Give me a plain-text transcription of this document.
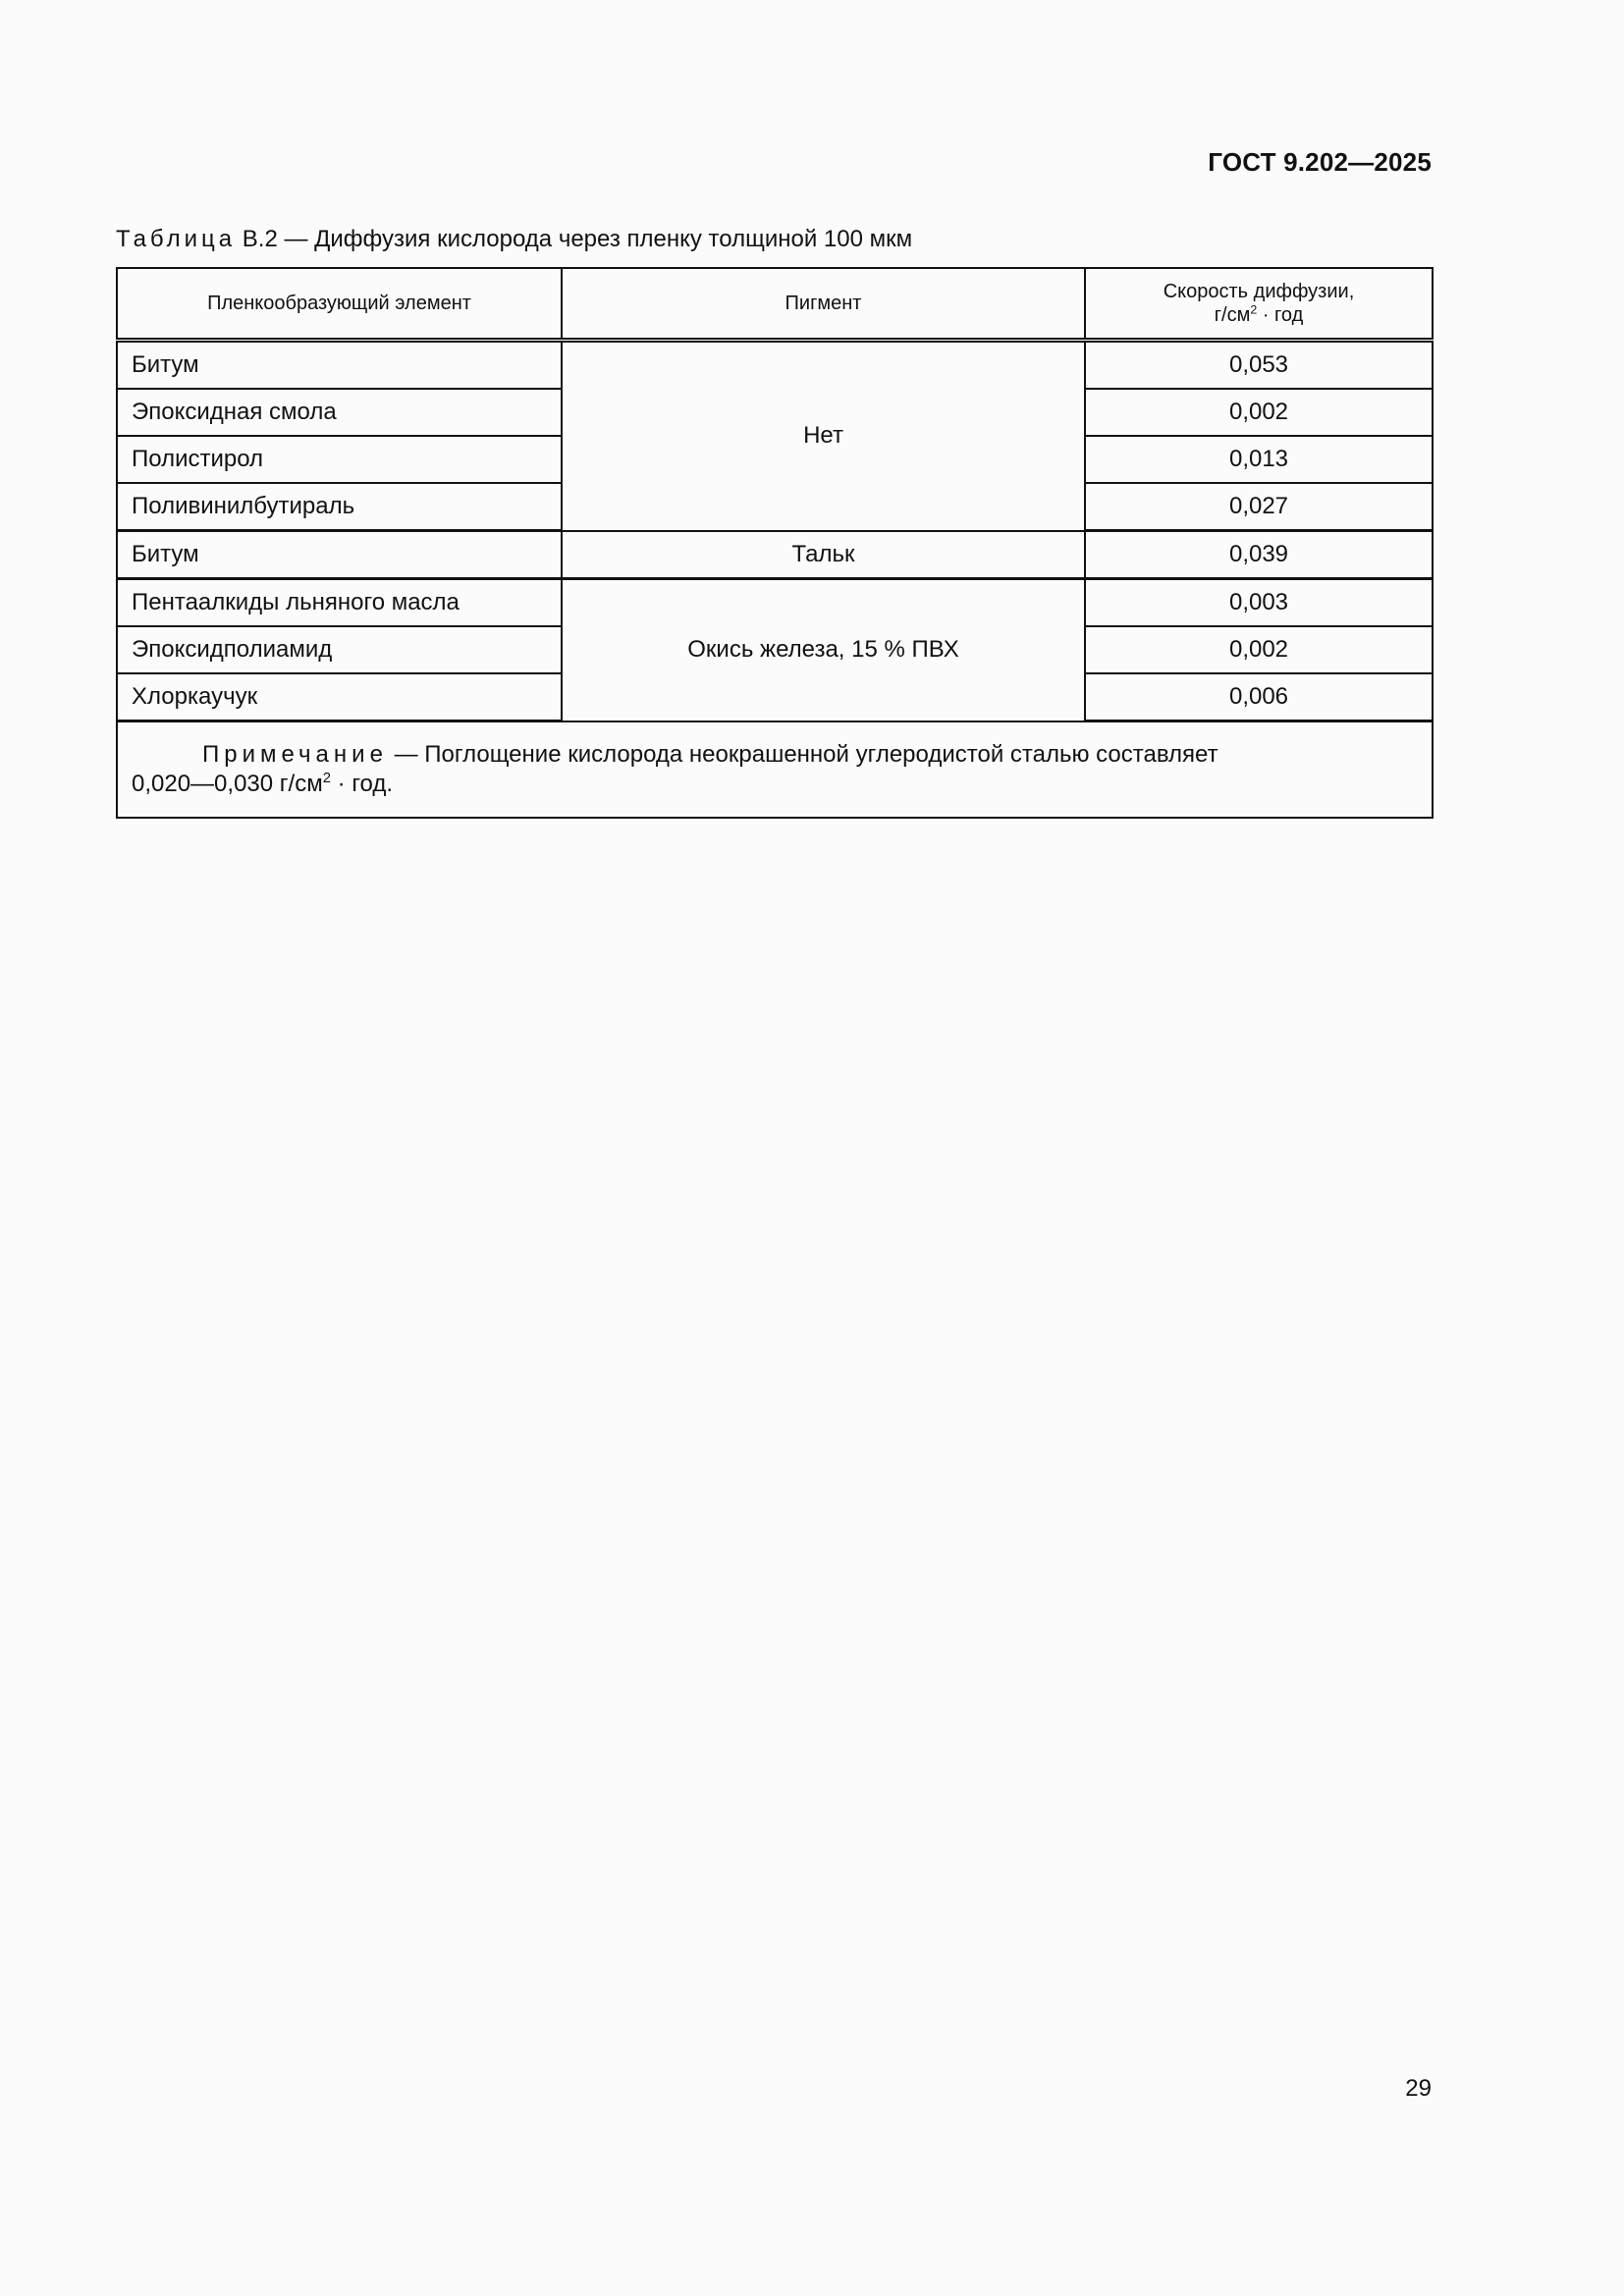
ГОСТ 9.202—2025
Таблица В.2 — Диффузия кислорода через пленку толщиной 100 мкм
Пленкообразующий элемент	Пигмент	Скорость диффузии,
$г/см^2$ · год
Битум	Нет	0,053
Эпоксидная смола		0,002
Полистирол		0,013
Поливинилбутираль		0,027
Битум	Тальк	0,039
Пентаалкиды льняного масла	Окись железа, 15 % ПВХ	0,003
Эпоксидполиамид		0,002
Хлоркаучук		0,006
Примечание — Поглощение кислорода неокрашенной углеродистой сталью составляет
0,020—0,030 $г/см^2$ · год.		
29
